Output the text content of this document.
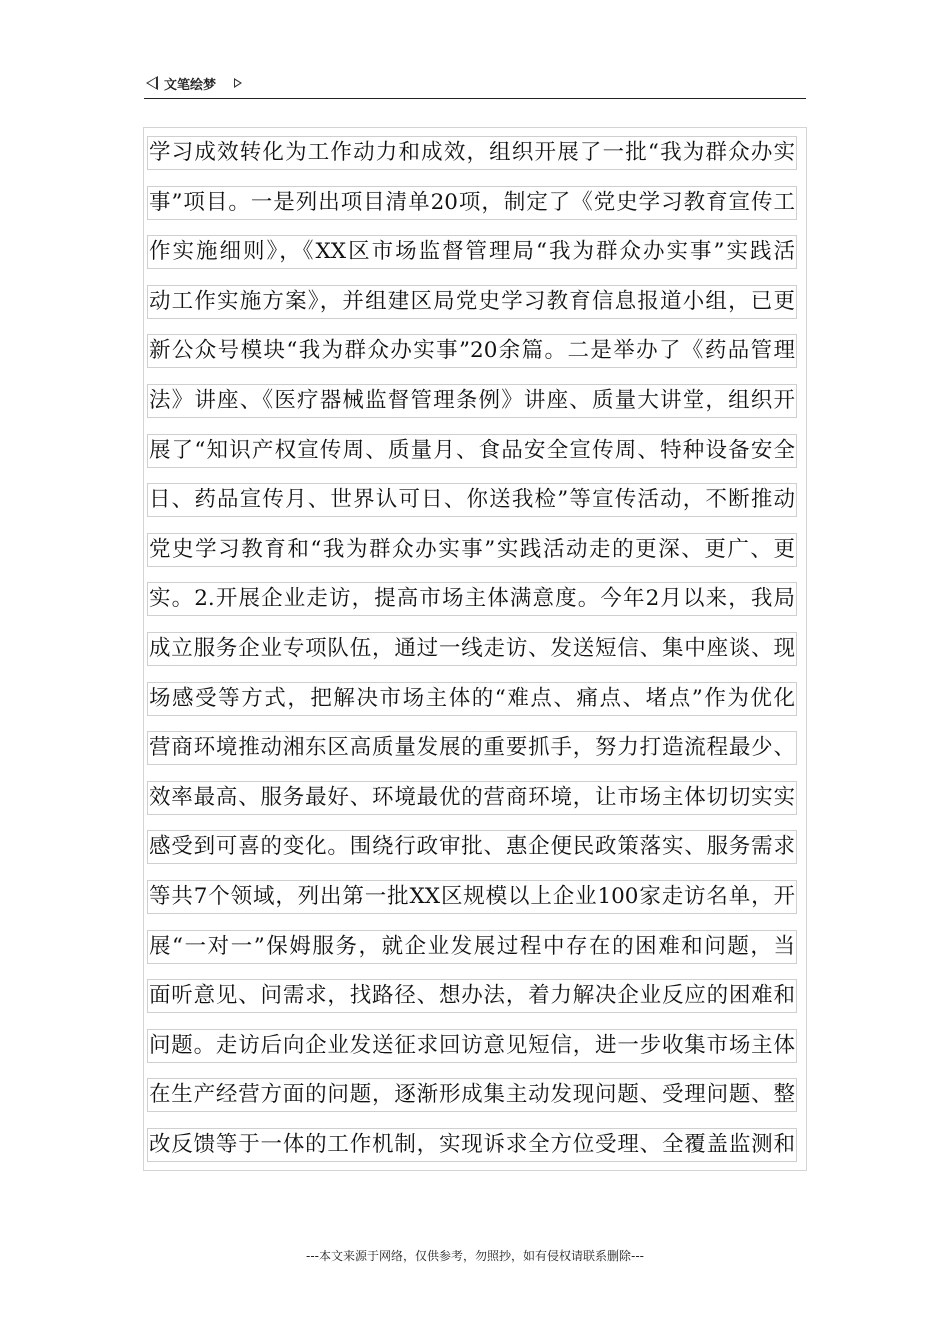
文笔绘梦
学习成效转化为工作动力和成效，组织开展了一批“我为群众办实
事”项目。一是列出项目清单20项，制定了《党史学习教育宣传工
作实施细则》，《XX区市场监督管理局“我为群众办实事”实践活
动工作实施方案》，并组建区局党史学习教育信息报道小组，已更
新公众号模块“我为群众办实事”20余篇。二是举办了《药品管理
法》讲座、《医疗器械监督管理条例》讲座、质量大讲堂，组织开
展了“知识产权宣传周、质量月、食品安全宣传周、特种设备安全
日、药品宣传月、世界认可日、你送我检”等宣传活动，不断推动
党史学习教育和“我为群众办实事”实践活动走的更深、更广、更
实。2.开展企业走访，提高市场主体满意度。今年2月以来，我局
成立服务企业专项队伍，通过一线走访、发送短信、集中座谈、现
场感受等方式，把解决市场主体的“难点、痛点、堵点”作为优化
营商环境推动湘东区高质量发展的重要抓手，努力打造流程最少、
效率最高、服务最好、环境最优的营商环境，让市场主体切切实实
感受到可喜的变化。围绕行政审批、惠企便民政策落实、服务需求
等共7个领域，列出第一批XX区规模以上企业100家走访名单，开
展“一对一”保姆服务，就企业发展过程中存在的困难和问题，当
面听意见、问需求，找路径、想办法，着力解决企业反应的困难和
问题。走访后向企业发送征求回访意见短信，进一步收集市场主体
在生产经营方面的问题，逐渐形成集主动发现问题、受理问题、整
改反馈等于一体的工作机制，实现诉求全方位受理、全覆盖监测和
---本文来源于网络，仅供参考，勿照抄，如有侵权请联系删除---
